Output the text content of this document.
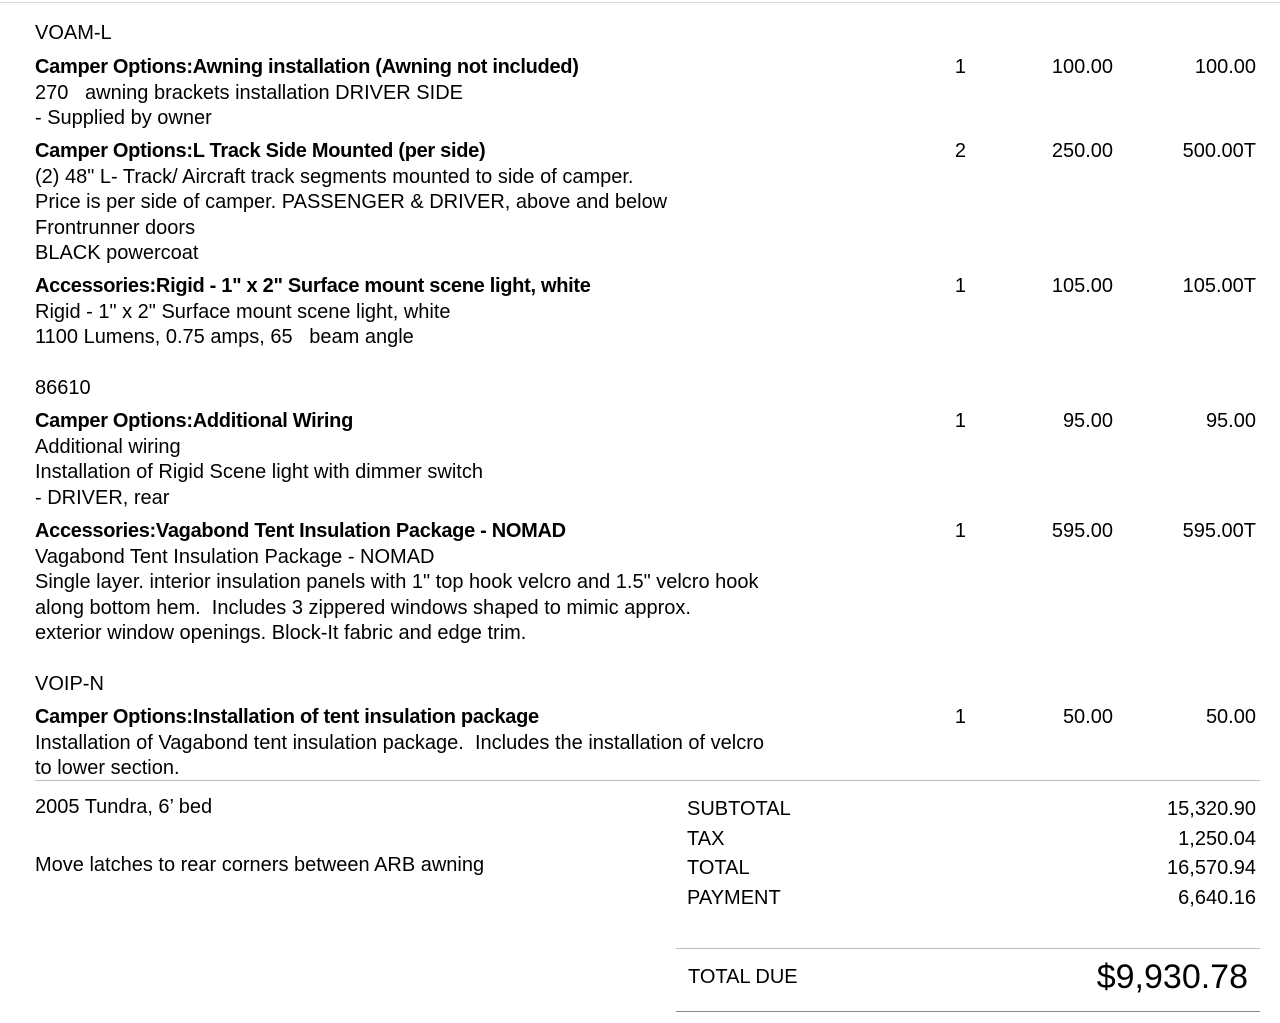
VOAM-L
86610
VOIP-N
Camper Options:Awning installation (Awning not included)
270   awning brackets installation DRIVER SIDE
- Supplied by owner
1	100.00	100.00
Camper Options:L Track Side Mounted (per side)
(2) 48" L- Track/ Aircraft track segments mounted to side of camper.
Price is per side of camper. PASSENGER & DRIVER, above and below
Frontrunner doors
BLACK powercoat
2	250.00	500.00T
Accessories:Rigid - 1" x 2" Surface mount scene light, white
Rigid - 1" x 2" Surface mount scene light, white
1100 Lumens, 0.75 amps, 65   beam angle
1	105.00	105.00T
Camper Options:Additional Wiring
Additional wiring
Installation of Rigid Scene light with dimmer switch
- DRIVER, rear
1	95.00	95.00
Accessories:Vagabond Tent Insulation Package - NOMAD
Vagabond Tent Insulation Package - NOMAD
Single layer. interior insulation panels with 1" top hook velcro and 1.5" velcro hook
along bottom hem.  Includes 3 zippered windows shaped to mimic approx.
exterior window openings. Block-It fabric and edge trim.
1	595.00	595.00T
Camper Options:Installation of tent insulation package
Installation of Vagabond tent insulation package.  Includes the installation of velcro
to lower section.
1	50.00	50.00
2005 Tundra, 6’ bed
Move latches to rear corners between ARB awning
SUBTOTAL	15,320.90
TAX	1,250.04
TOTAL	16,570.94
PAYMENT	6,640.16
TOTAL DUE	$9,930.78
